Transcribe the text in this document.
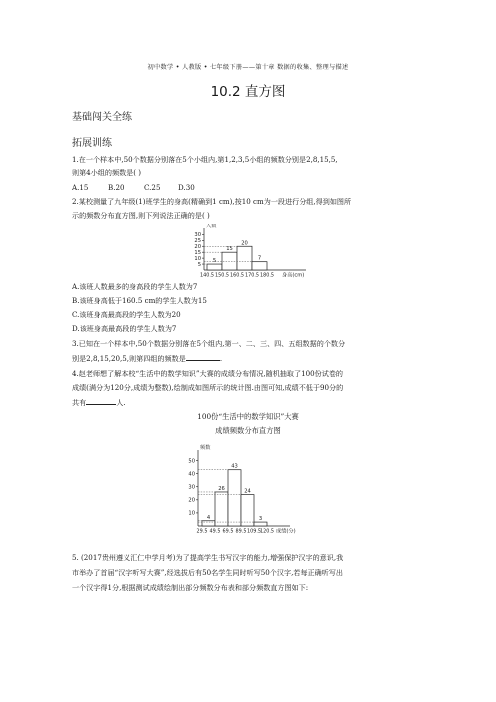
初中数学 • 人教版 • 七年级下册——第十章 数据的收集、整理与描述
10.2 直方图
基础闯关全练
拓展训练
1.在一个样本中,50个数据分别落在5个小组内,第1,2,3,5小组的频数分别是2,8,15,5,
则第4小组的频数是( )
A.15	B.20	C.25 D.30
2.某校测量了九年级(1)班学生的身高(精确到1 cm),按10 cm为一段进行分组,得到如图所
示的频数分布直方图,则下列说法正确的是( )
人数
30
25
20
15
10
5
5
15
20
7
140.5 150.5 160.5 170.5 180.5 身高(cm)
A.该班人数最多的身高段的学生人数为7
B.该班身高低于160.5 cm的学生人数为15
C.该班身高最高段的学生人数为20
D.该班身高最高段的学生人数为7
3.已知在一个样本中,50个数据分别落在5个组内,第一、二、三、四、五组数据的个数分
别是2,8,15,20,5,则第四组的频数是	.
4.赵老师想了解本校“生活中的数学知识”大赛的成绩分布情况,随机抽取了100份试卷的
成绩(满分为120分,成绩为整数),绘制成如图所示的统计图.由图可知,成绩不低于90分的
共有	人.
100份“生活中的数学知识”大赛
成绩频数分布直方图
频数
50
40
30
20
10
4
26
43
24
3
29.5 49.5 69.5 89.5 109.5
120.5 成绩(分)
5. (2017贵州遵义汇仁中学月考)为了提高学生书写汉字的能力,增强保护汉字的意识,我
市举办了首届“汉字听写大赛”,经选拔后有50名学生同时听写50个汉字,若每正确听写出
一个汉字得1分,根据测试成绩绘制出部分频数分布表和部分频数直方图如下:
